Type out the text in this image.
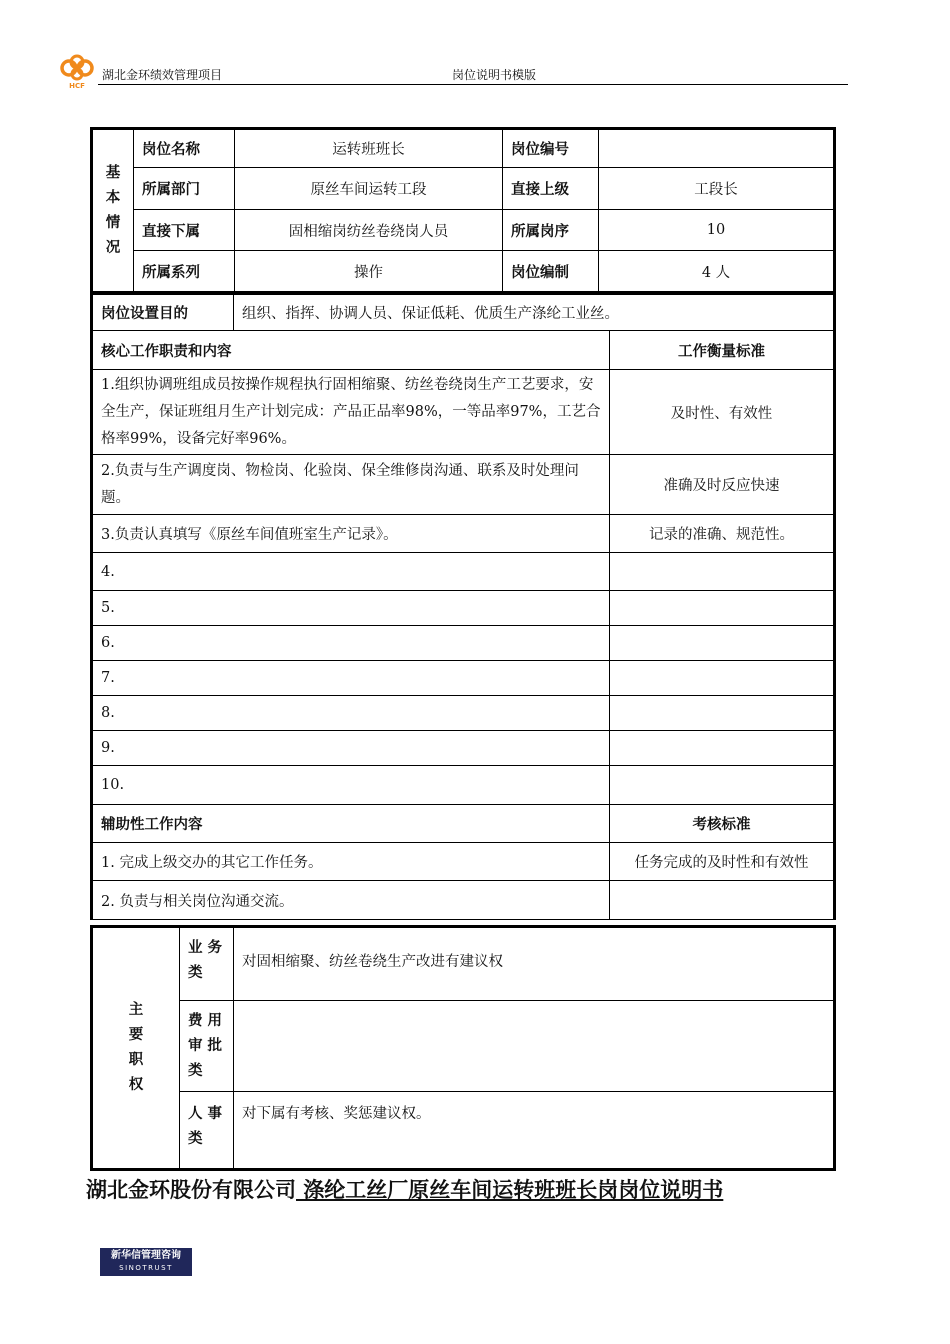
HCF
湖北金环绩效管理项目	岗位说明书模版
基
本
情
况	岗位名称	运转班班长	岗位编号	
	所属部门	原丝车间运转工段	直接上级	工段长
	直接下属	固相缩岗纺丝卷绕岗人员	所属岗序	10
	所属系列	操作	岗位编制	4 人
岗位设置目的	组织、指挥、协调人员、保证低耗、优质生产涤纶工业丝。	
核心工作职责和内容		工作衡量标准
1.组织协调班组成员按操作规程执行固相缩聚、纺丝卷绕岗生产工艺要求，安全生产，保证班组月生产计划完成：产品正品率98%，一等品率97%，工艺合格率99%，设备完好率96%。		及时性、有效性
2.负责与生产调度岗、物检岗、化验岗、保全维修岗沟通、联系及时处理问题。		准确及时反应快速
3.负责认真填写《原丝车间值班室生产记录》。		记录的准确、规范性。
4.		
5.		
6.		
7.		
8.		
9.		
10.		
辅助性工作内容		考核标准
1. 完成上级交办的其它工作任务。		任务完成的及时性和有效性
2. 负责与相关岗位沟通交流。		
主
要
职
权	业 务
类	对固相缩聚、纺丝卷绕生产改进有建议权
	费 用
审 批
类	
	人 事
类	对下属有考核、奖惩建议权。
湖北金环股份有限公司 涤纶工丝厂原丝车间运转班班长岗岗位说明书
新华信管理咨询
SINOTRUST
